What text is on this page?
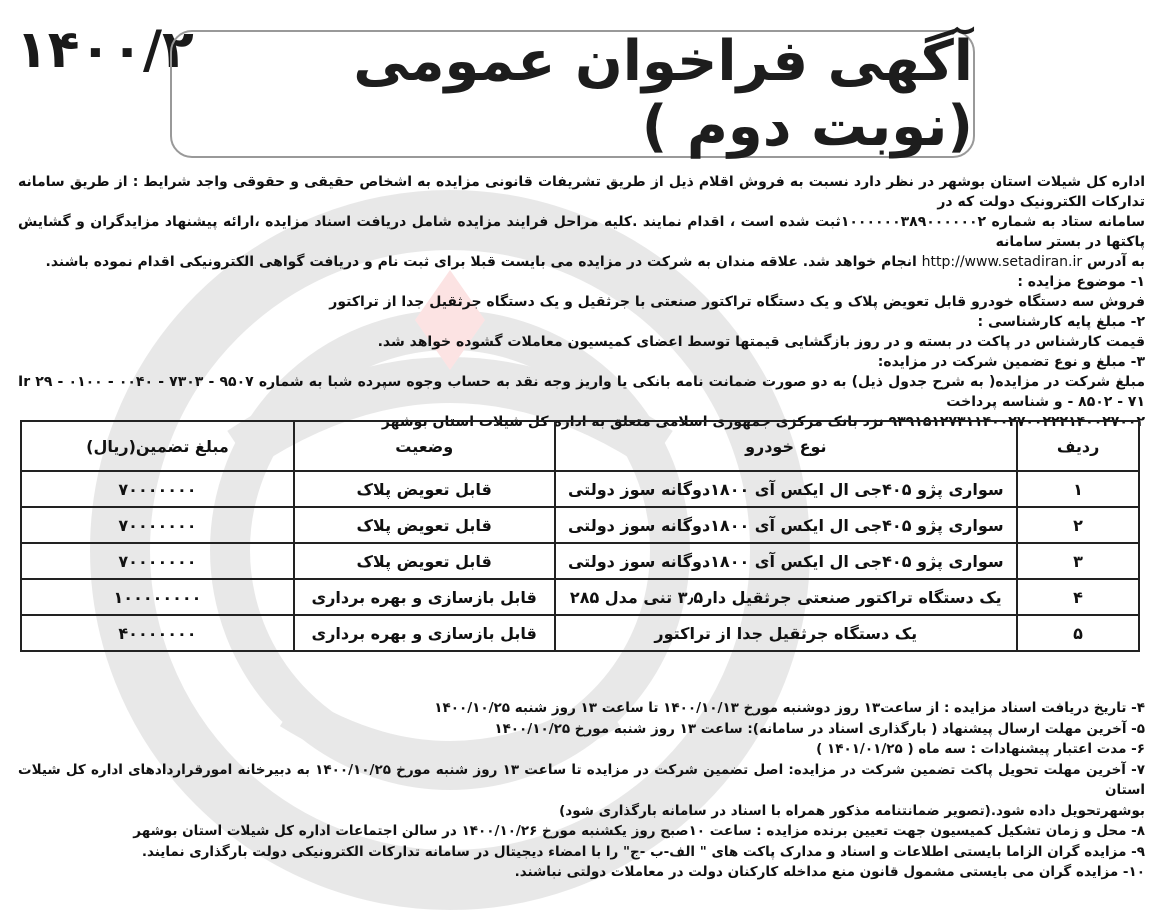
۱۴۰۰/۲	آگهی فراخوان عمومی (نوبت دوم )

اداره کل شیلات استان بوشهر در نظر دارد نسبت به فروش اقلام ذیل از طریق تشریفات قانونی مزایده به اشخاص حقیقی و حقوقی واجد شرایط : از طریق سامانه تدارکات الکترونیک دولت که در

سامانه ستاد به شماره ۱۰۰۰۰۰۰۳۸۹۰۰۰۰۰۰۲ثبت شده است ، اقدام نمایند .کلیه مراحل فرایند مزایده شامل دریافت اسناد مزایده ،ارائه پیشنهاد مزایدگران و گشایش پاکتها در بستر سامانه

به آدرس http://www.setadiran.ir انجام خواهد شد. علاقه مندان به شرکت در مزایده می بایست قبلا برای ثبت نام و دریافت گواهی الکترونیکی اقدام نموده باشند.

۱- موضوع مزایده :

فروش سه دستگاه خودرو قابل تعویض پلاک و یک دستگاه تراکتور صنعتی با جرثقیل و یک دستگاه جرثقیل جدا از تراکتور

۲- مبلغ پایه کارشناسی :

قیمت کارشناس در پاکت در بسته و در روز بازگشایی قیمتها توسط اعضای کمیسیون معاملات گشوده خواهد شد.

۳- مبلغ و نوع تضمین شرکت در مزایده:

مبلغ شرکت در مزایده( به شرح جدول ذیل) به دو صورت ضمانت نامه بانکی یا واریز وجه نقد به حساب وجوه سپرده شبا به شماره Ir ۲۹ - ۰۱۰۰ - ۰۰۴۰ - ۷۳۰۳ - ۹۵۰۷ - ۸۵۰۲ - ۷۱ و شناسه پرداخت

۹۳۹۱۵۱۲۷۳۱۱۴۰۰۲۷۰۰۲۲۲۱۴۰۰۲۷۰۰۲ نزد بانک مرکزی جمهوری اسلامی متعلق به اداره کل شیلات استان بوشهر

ردیف	نوع خودرو	وضعیت	مبلغ تضمین(ریال)
۱	سواری پژو ۴۰۵جی ال ایکس آی ۱۸۰۰دوگانه سوز دولتی	قابل تعویض پلاک	۷۰۰۰۰۰۰۰
۲	سواری پژو ۴۰۵جی ال ایکس آی ۱۸۰۰دوگانه سوز دولتی	قابل تعویض پلاک	۷۰۰۰۰۰۰۰
۳	سواری پژو ۴۰۵جی ال ایکس آی ۱۸۰۰دوگانه سوز دولتی	قابل تعویض پلاک	۷۰۰۰۰۰۰۰
۴	یک دستگاه تراکتور صنعتی جرثقیل دار۳٫۵ تنی مدل ۲۸۵	قابل بازسازی و بهره برداری	۱۰۰۰۰۰۰۰۰
۵	یک دستگاه جرثقیل جدا از تراکتور	قابل بازسازی و بهره برداری	۴۰۰۰۰۰۰۰

۴- تاریخ دریافت اسناد مزایده : از ساعت۱۳ روز دوشنبه مورخ ۱۴۰۰/۱۰/۱۳ تا ساعت ۱۳ روز شنبه ۱۴۰۰/۱۰/۲۵

۵- آخرین مهلت ارسال پیشنهاد ( بارگذاری اسناد در سامانه): ساعت ۱۳ روز شنبه مورخ ۱۴۰۰/۱۰/۲۵

۶- مدت اعتبار پیشنهادات : سه ماه ( ۱۴۰۱/۰۱/۲۵ )

۷- آخرین مهلت تحویل پاکت تضمین شرکت در مزایده: اصل تضمین شرکت در مزایده تا ساعت ۱۳ روز شنبه مورخ ۱۴۰۰/۱۰/۲۵ به دبیرخانه امورقراردادهای اداره کل شیلات استان

بوشهرتحویل داده شود.(تصویر ضمانتنامه مذکور همراه با اسناد در سامانه بارگذاری شود)

۸- محل و زمان تشکیل کمیسیون جهت تعیین برنده مزایده : ساعت ۱۰صبح روز یکشنبه مورخ ۱۴۰۰/۱۰/۲۶ در سالن اجتماعات اداره کل شیلات استان بوشهر

۹- مزایده گران الزاما بایستی اطلاعات و اسناد و مدارک پاکت های " الف-ب -ج" را با امضاء دیجیتال در سامانه تدارکات الکترونیکی دولت بارگذاری نمایند.

۱۰- مزایده گران می بایستی مشمول قانون منع مداخله کارکنان دولت در معاملات دولتی نباشند.
